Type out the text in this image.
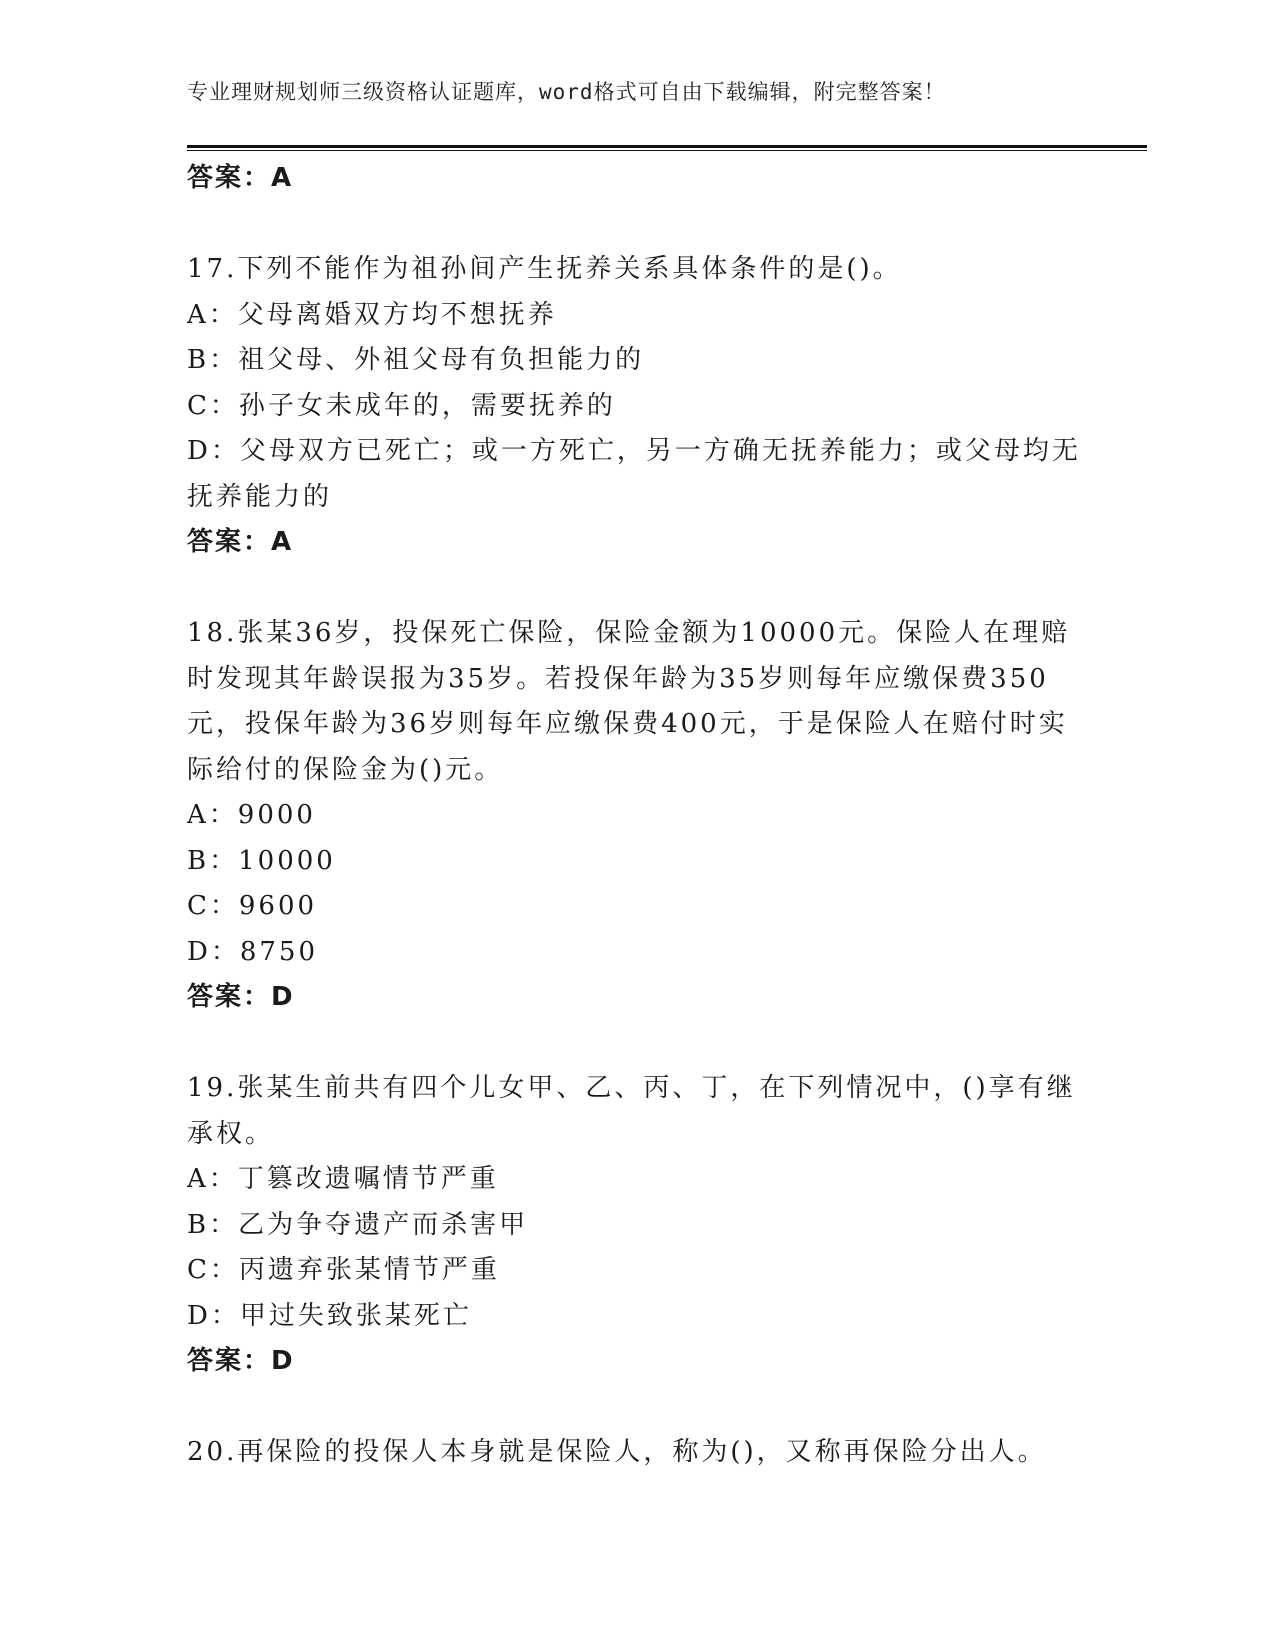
专业理财规划师三级资格认证题库，word格式可自由下载编辑，附完整答案！
答案：A
17.下列不能作为祖孙间产生抚养关系具体条件的是()。
A：父母离婚双方均不想抚养
B：祖父母、外祖父母有负担能力的
C：孙子女未成年的，需要抚养的
D：父母双方已死亡；或一方死亡，另一方确无抚养能力；或父母均无
抚养能力的
答案：A
18.张某36岁，投保死亡保险，保险金额为10000元。保险人在理赔
时发现其年龄误报为35岁。若投保年龄为35岁则每年应缴保费350
元，投保年龄为36岁则每年应缴保费400元，于是保险人在赔付时实
际给付的保险金为()元。
A：9000
B：10000
C：9600
D：8750
答案：D
19.张某生前共有四个儿女甲、乙、丙、丁，在下列情况中，()享有继
承权。
A：丁篡改遗嘱情节严重
B：乙为争夺遗产而杀害甲
C：丙遗弃张某情节严重
D：甲过失致张某死亡
答案：D
20.再保险的投保人本身就是保险人，称为()，又称再保险分出人。
